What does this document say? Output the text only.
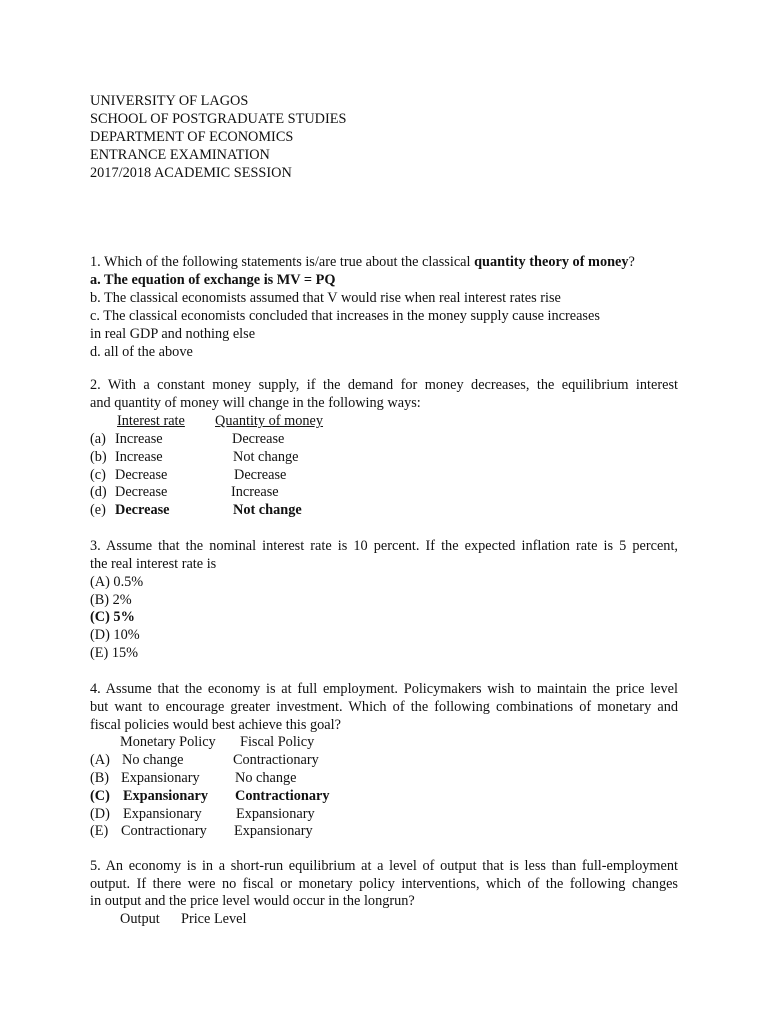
UNIVERSITY OF LAGOS
SCHOOL OF POSTGRADUATE STUDIES
DEPARTMENT OF ECONOMICS
ENTRANCE EXAMINATION
2017/2018 ACADEMIC SESSION
1. Which of the following statements is/are true about the classical quantity theory of money?
a. The equation of exchange is MV = PQ
b. The classical economists assumed that V would rise when real interest rates rise
c. The classical economists concluded that increases in the money supply cause increases
in real GDP and nothing else
d. all of the above
2. With a constant money supply, if the demand for money decreases, the equilibrium interest
and quantity of money will change in the following ways:
Interest rate Quantity of money
(a) Increase	Decrease
(b) Increase	Not change
(c) Decrease	Decrease
(d) Decrease	Increase
(e) Decrease	Not change
3. Assume that the nominal interest rate is 10 percent. If the expected inflation rate is 5 percent,
the real interest rate is
(A) 0.5%
(B) 2%
(C) 5%
(D) 10%
(E) 15%
4. Assume that the economy is at full employment. Policymakers wish to maintain the price level
but want to encourage greater investment. Which of the following combinations of monetary and
fiscal policies would best achieve this goal?
Monetary Policy Fiscal Policy
(A) No change	Contractionary
(B) Expansionary No change
(C) Expansionary Contractionary
(D) Expansionary Expansionary
(E) Contractionary Expansionary
5. An economy is in a short-run equilibrium at a level of output that is less than full-employment
output. If there were no fiscal or monetary policy interventions, which of the following changes
in output and the price level would occur in the longrun?
Output Price Level
